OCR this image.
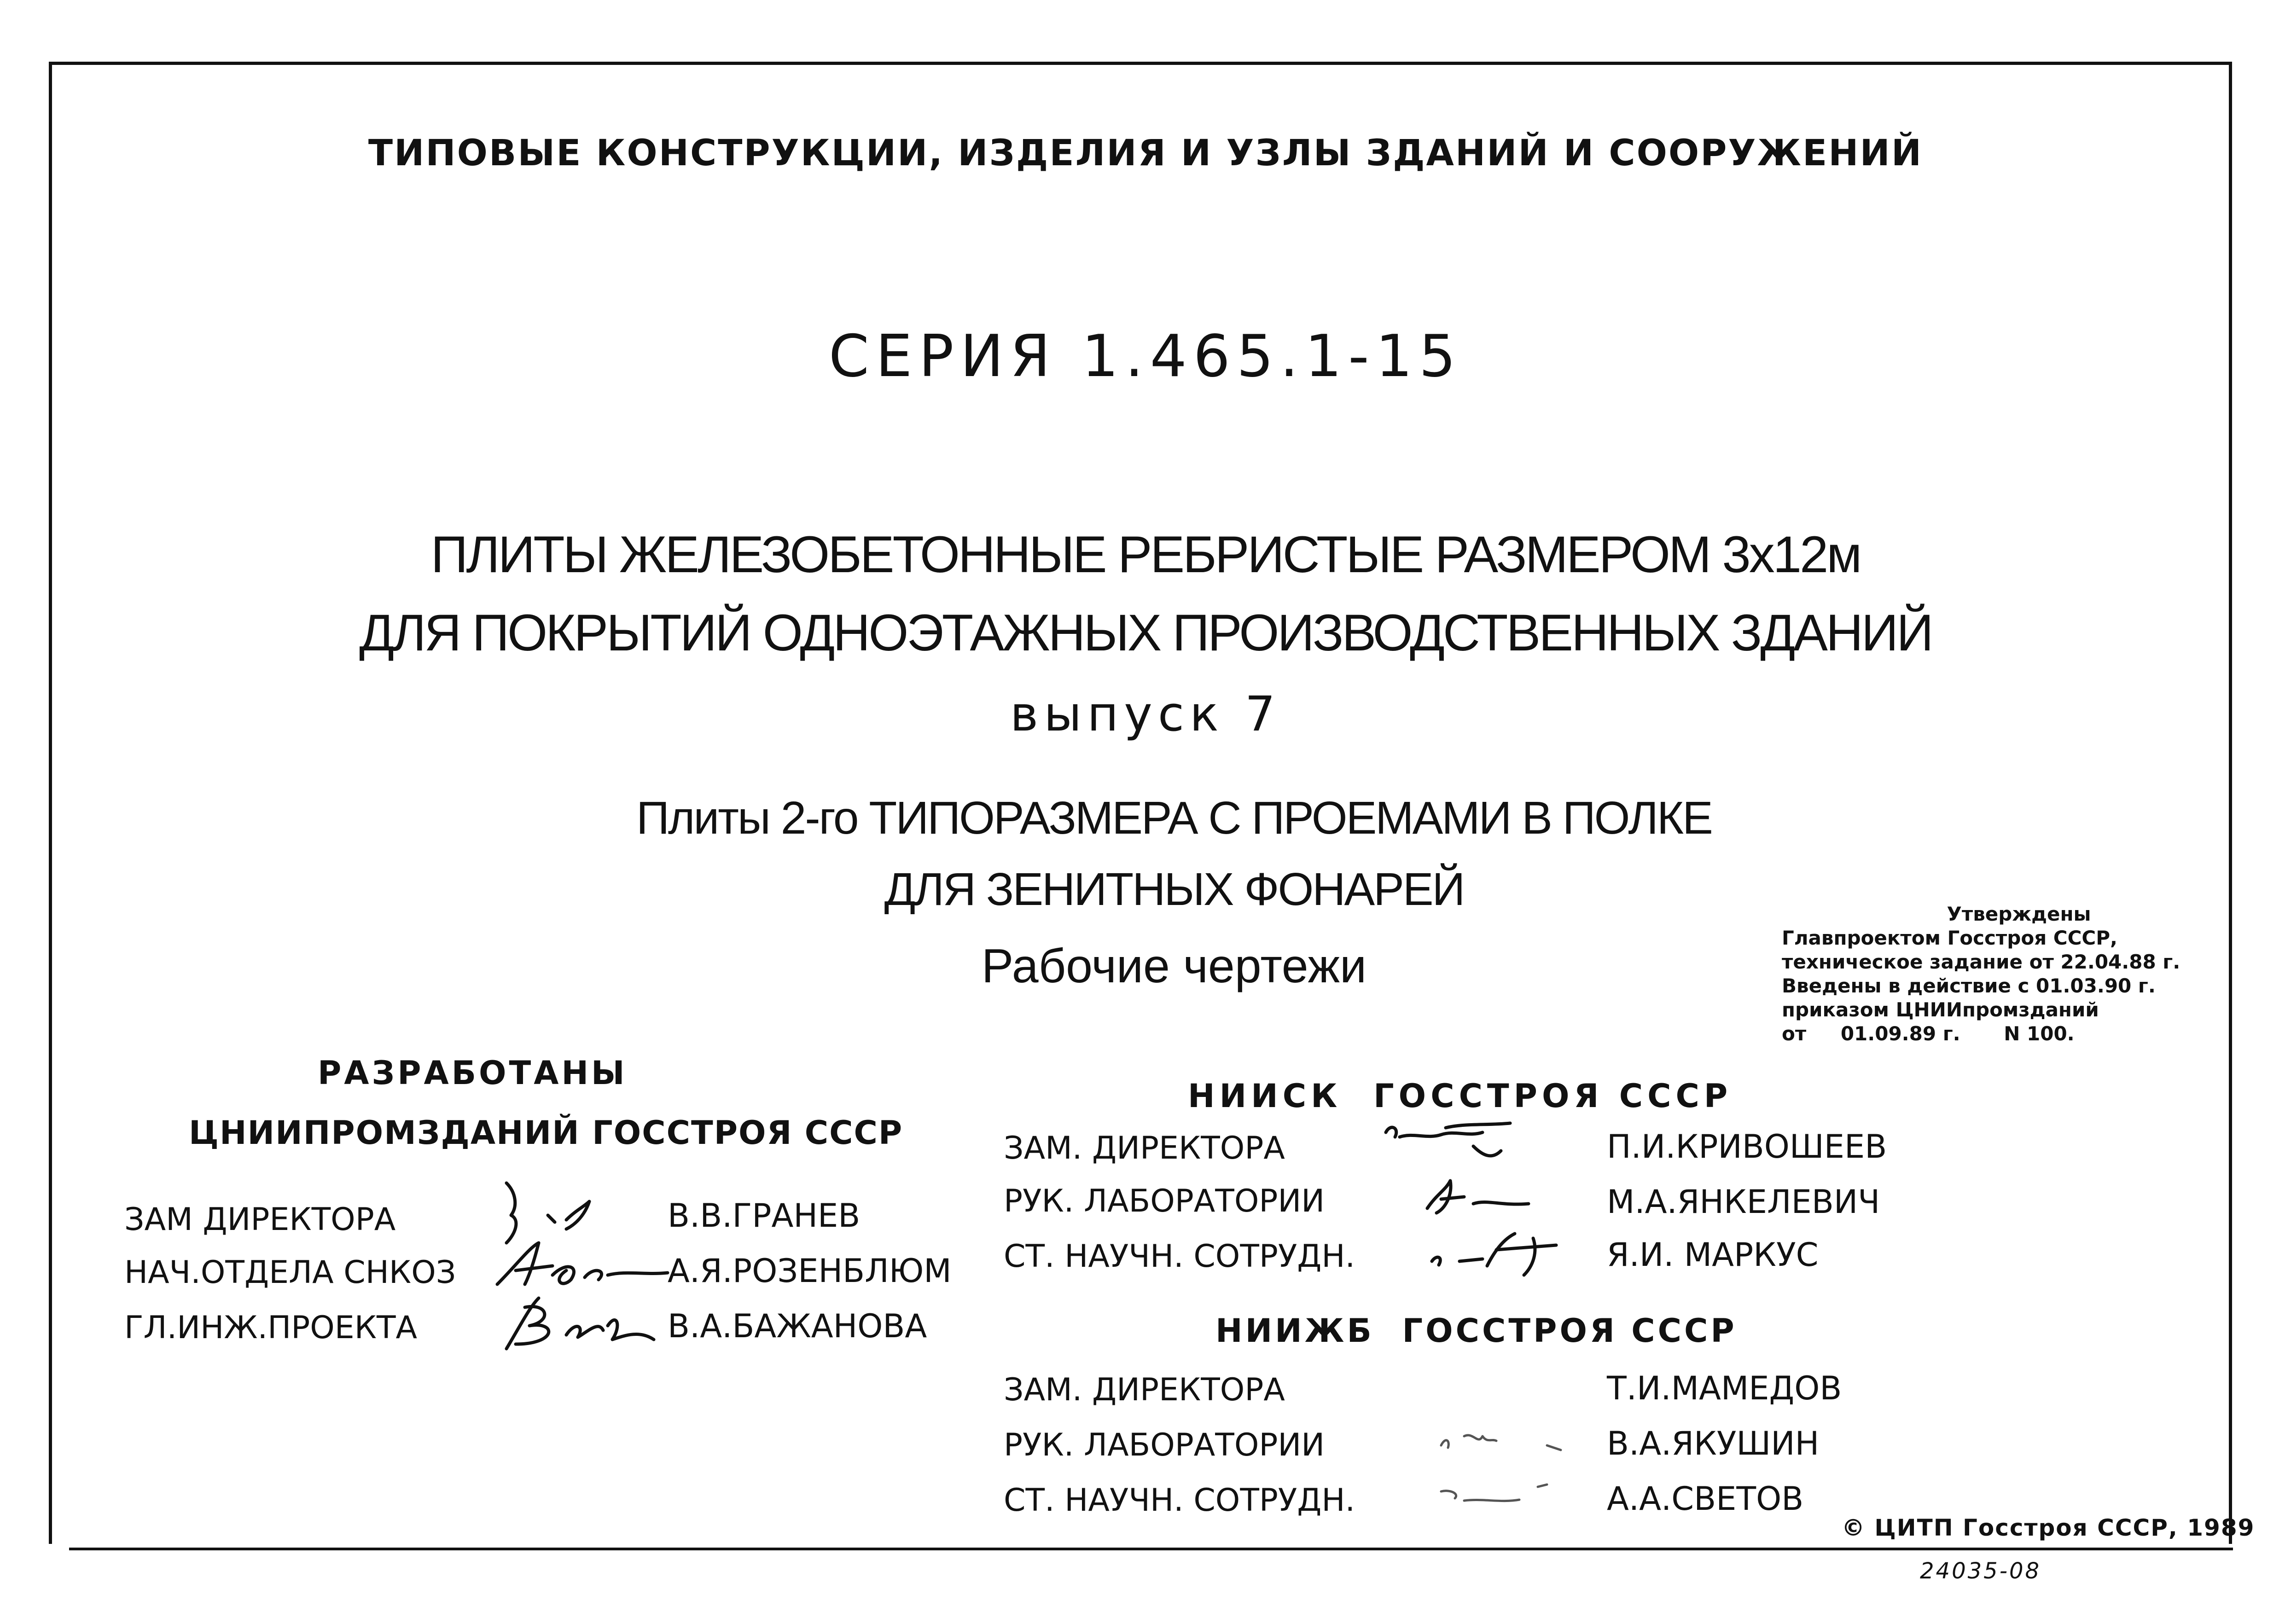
ТИПОВЫЕ КОНСТРУКЦИИ, ИЗДЕЛИЯ И УЗЛЫ ЗДАНИЙ И СООРУЖЕНИЙ
СЕРИЯ 1.465.1-15
ПЛИТЫ ЖЕЛЕЗОБЕТОННЫЕ РЕБРИСТЫЕ РАЗМЕРОМ 3х12м
ДЛЯ ПОКРЫТИЙ ОДНОЭТАЖНЫХ ПРОИЗВОДСТВЕННЫХ ЗДАНИЙ
выпуск 7
Плиты 2-го ТИПОРАЗМЕРА С ПРОЕМАМИ В ПОЛКЕ
ДЛЯ ЗЕНИТНЫХ ФОНАРЕЙ
Рабочие чертежи
Утверждены
Главпроектом Госстроя СССР,
техническое задание от 22.04.88 г.
Введены в действие с 01.03.90 г.
приказом ЦНИИпромзданий
от 01.09.89 г. N 100.
РАЗРАБОТАНЫ
ЦНИИПРОМЗДАНИЙ ГОССТРОЯ СССР
ЗАМ ДИРЕКТОРА	В.В.ГРАНЕВ
НАЧ.ОТДЕЛА СНКОЗ	А.Я.РОЗЕНБЛЮМ
ГЛ.ИНЖ.ПРОЕКТА	В.А.БАЖАНОВА
НИИСК  ГОССТРОЯ СССР
ЗАМ. ДИРЕКТОРА	П.И.КРИВОШЕЕВ
РУК. ЛАБОРАТОРИИ	М.А.ЯНКЕЛЕВИЧ
СТ. НАУЧН. СОТРУДН.	Я.И. МАРКУС
НИИЖБ  ГОССТРОЯ СССР
ЗАМ. ДИРЕКТОРА	Т.И.МАМЕДОВ
РУК. ЛАБОРАТОРИИ	В.А.ЯКУШИН
СТ. НАУЧН. СОТРУДН.	А.А.СВЕТОВ
© ЦИТП Госстроя СССР, 1989
24035-08
